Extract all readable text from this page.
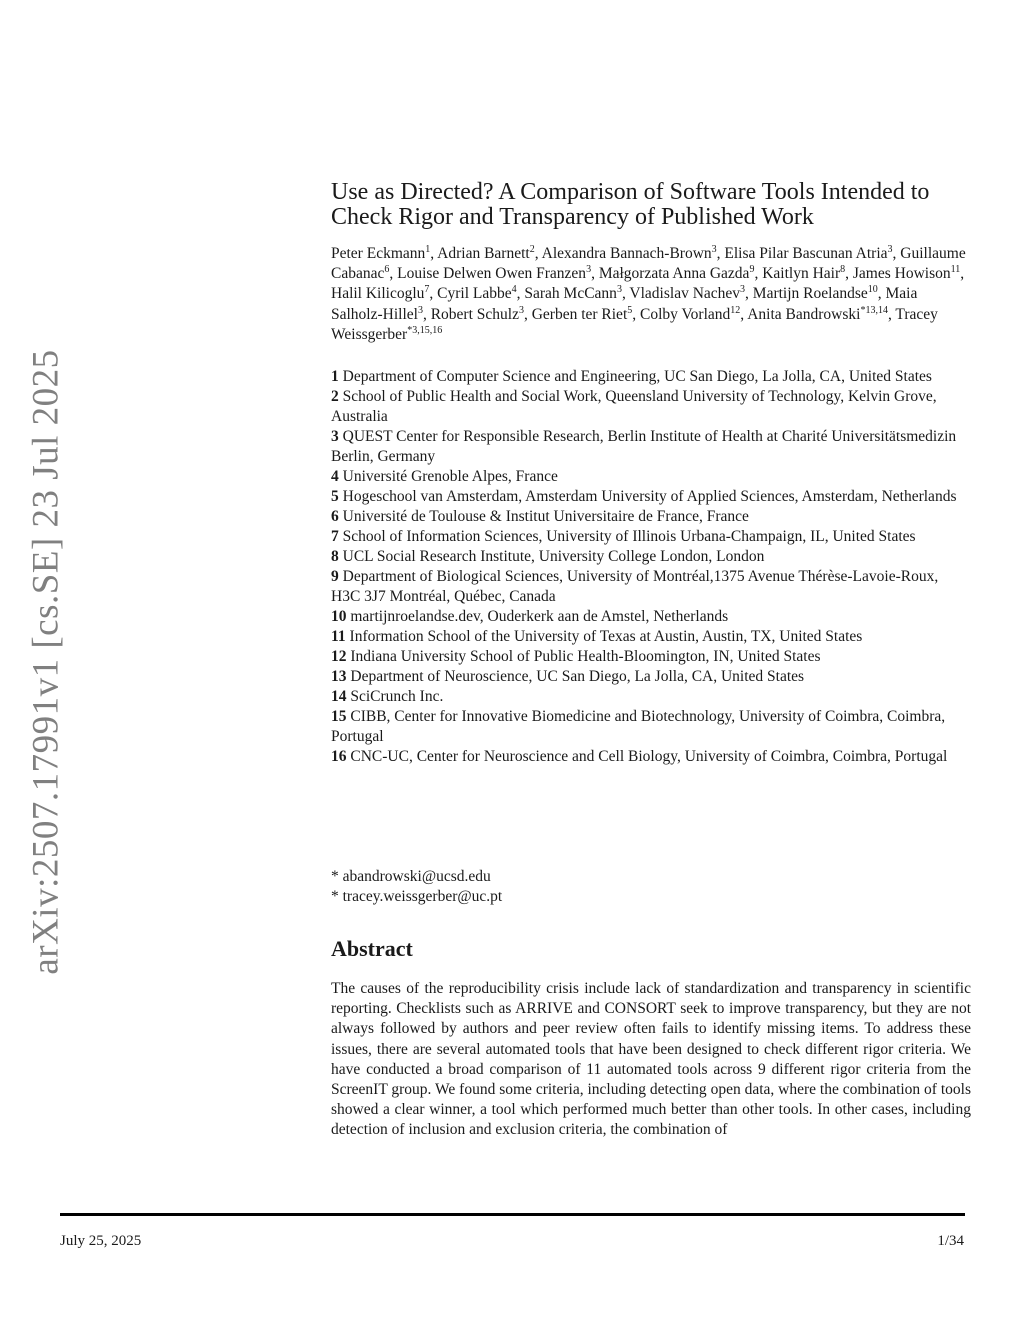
arXiv:2507.17991v1 [cs.SE] 23 Jul 2025
Use as Directed? A Comparison of Software Tools Intended to
Check Rigor and Transparency of Published Work

Peter Eckmann$^1$, Adrian Barnett$^2$, Alexandra Bannach-Brown$^3$, Elisa Pilar Bascunan Atria$^3$, Guillaume Cabanac$^6$, Louise Delwen Owen Franzen$^3$, Małgorzata Anna Gazda$^9$, Kaitlyn Hair$^8$, James Howison$^{11}$, Halil Kilicoglu$^7$, Cyril Labbe$^4$, Sarah McCann$^3$, Vladislav Nachev$^3$, Martijn Roelandse$^{10}$, Maia Salholz-Hillel$^3$, Robert Schulz$^3$, Gerben ter Riet$^5$, Colby Vorland$^{12}$, Anita Bandrowski$^{*13,14}$, Tracey Weissgerber$^{*3,15,16}$

1 Department of Computer Science and Engineering, UC San Diego, La Jolla, CA, United States
2 School of Public Health and Social Work, Queensland University of Technology, Kelvin Grove, Australia
3 QUEST Center for Responsible Research, Berlin Institute of Health at Charité Universitätsmedizin Berlin, Germany
4 Université Grenoble Alpes, France
5 Hogeschool van Amsterdam, Amsterdam University of Applied Sciences, Amsterdam, Netherlands
6 Université de Toulouse & Institut Universitaire de France, France
7 School of Information Sciences, University of Illinois Urbana-Champaign, IL, United States
8 UCL Social Research Institute, University College London, London
9 Department of Biological Sciences, University of Montréal,1375 Avenue Thérèse-Lavoie-Roux, H3C 3J7 Montréal, Québec, Canada
10 martijnroelandse.dev, Ouderkerk aan de Amstel, Netherlands
11 Information School of the University of Texas at Austin, Austin, TX, United States
12 Indiana University School of Public Health-Bloomington, IN, United States
13 Department of Neuroscience, UC San Diego, La Jolla, CA, United States
14 SciCrunch Inc.
15 CIBB, Center for Innovative Biomedicine and Biotechnology, University of Coimbra, Coimbra, Portugal
16 CNC-UC, Center for Neuroscience and Cell Biology, University of Coimbra, Coimbra, Portugal
* abandrowski@ucsd.edu
* tracey.weissgerber@uc.pt
Abstract

The causes of the reproducibility crisis include lack of standardization and transparency in scientific reporting. Checklists such as ARRIVE and CONSORT seek to improve transparency, but they are not always followed by authors and peer review often fails to identify missing items. To address these issues, there are several automated tools that have been designed to check different rigor criteria. We have conducted a broad comparison of 11 automated tools across 9 different rigor criteria from the ScreenIT group. We found some criteria, including detecting open data, where the combination of tools showed a clear winner, a tool which performed much better than other tools. In other cases, including detection of inclusion and exclusion criteria, the combination of

July 25, 2025	1/34
